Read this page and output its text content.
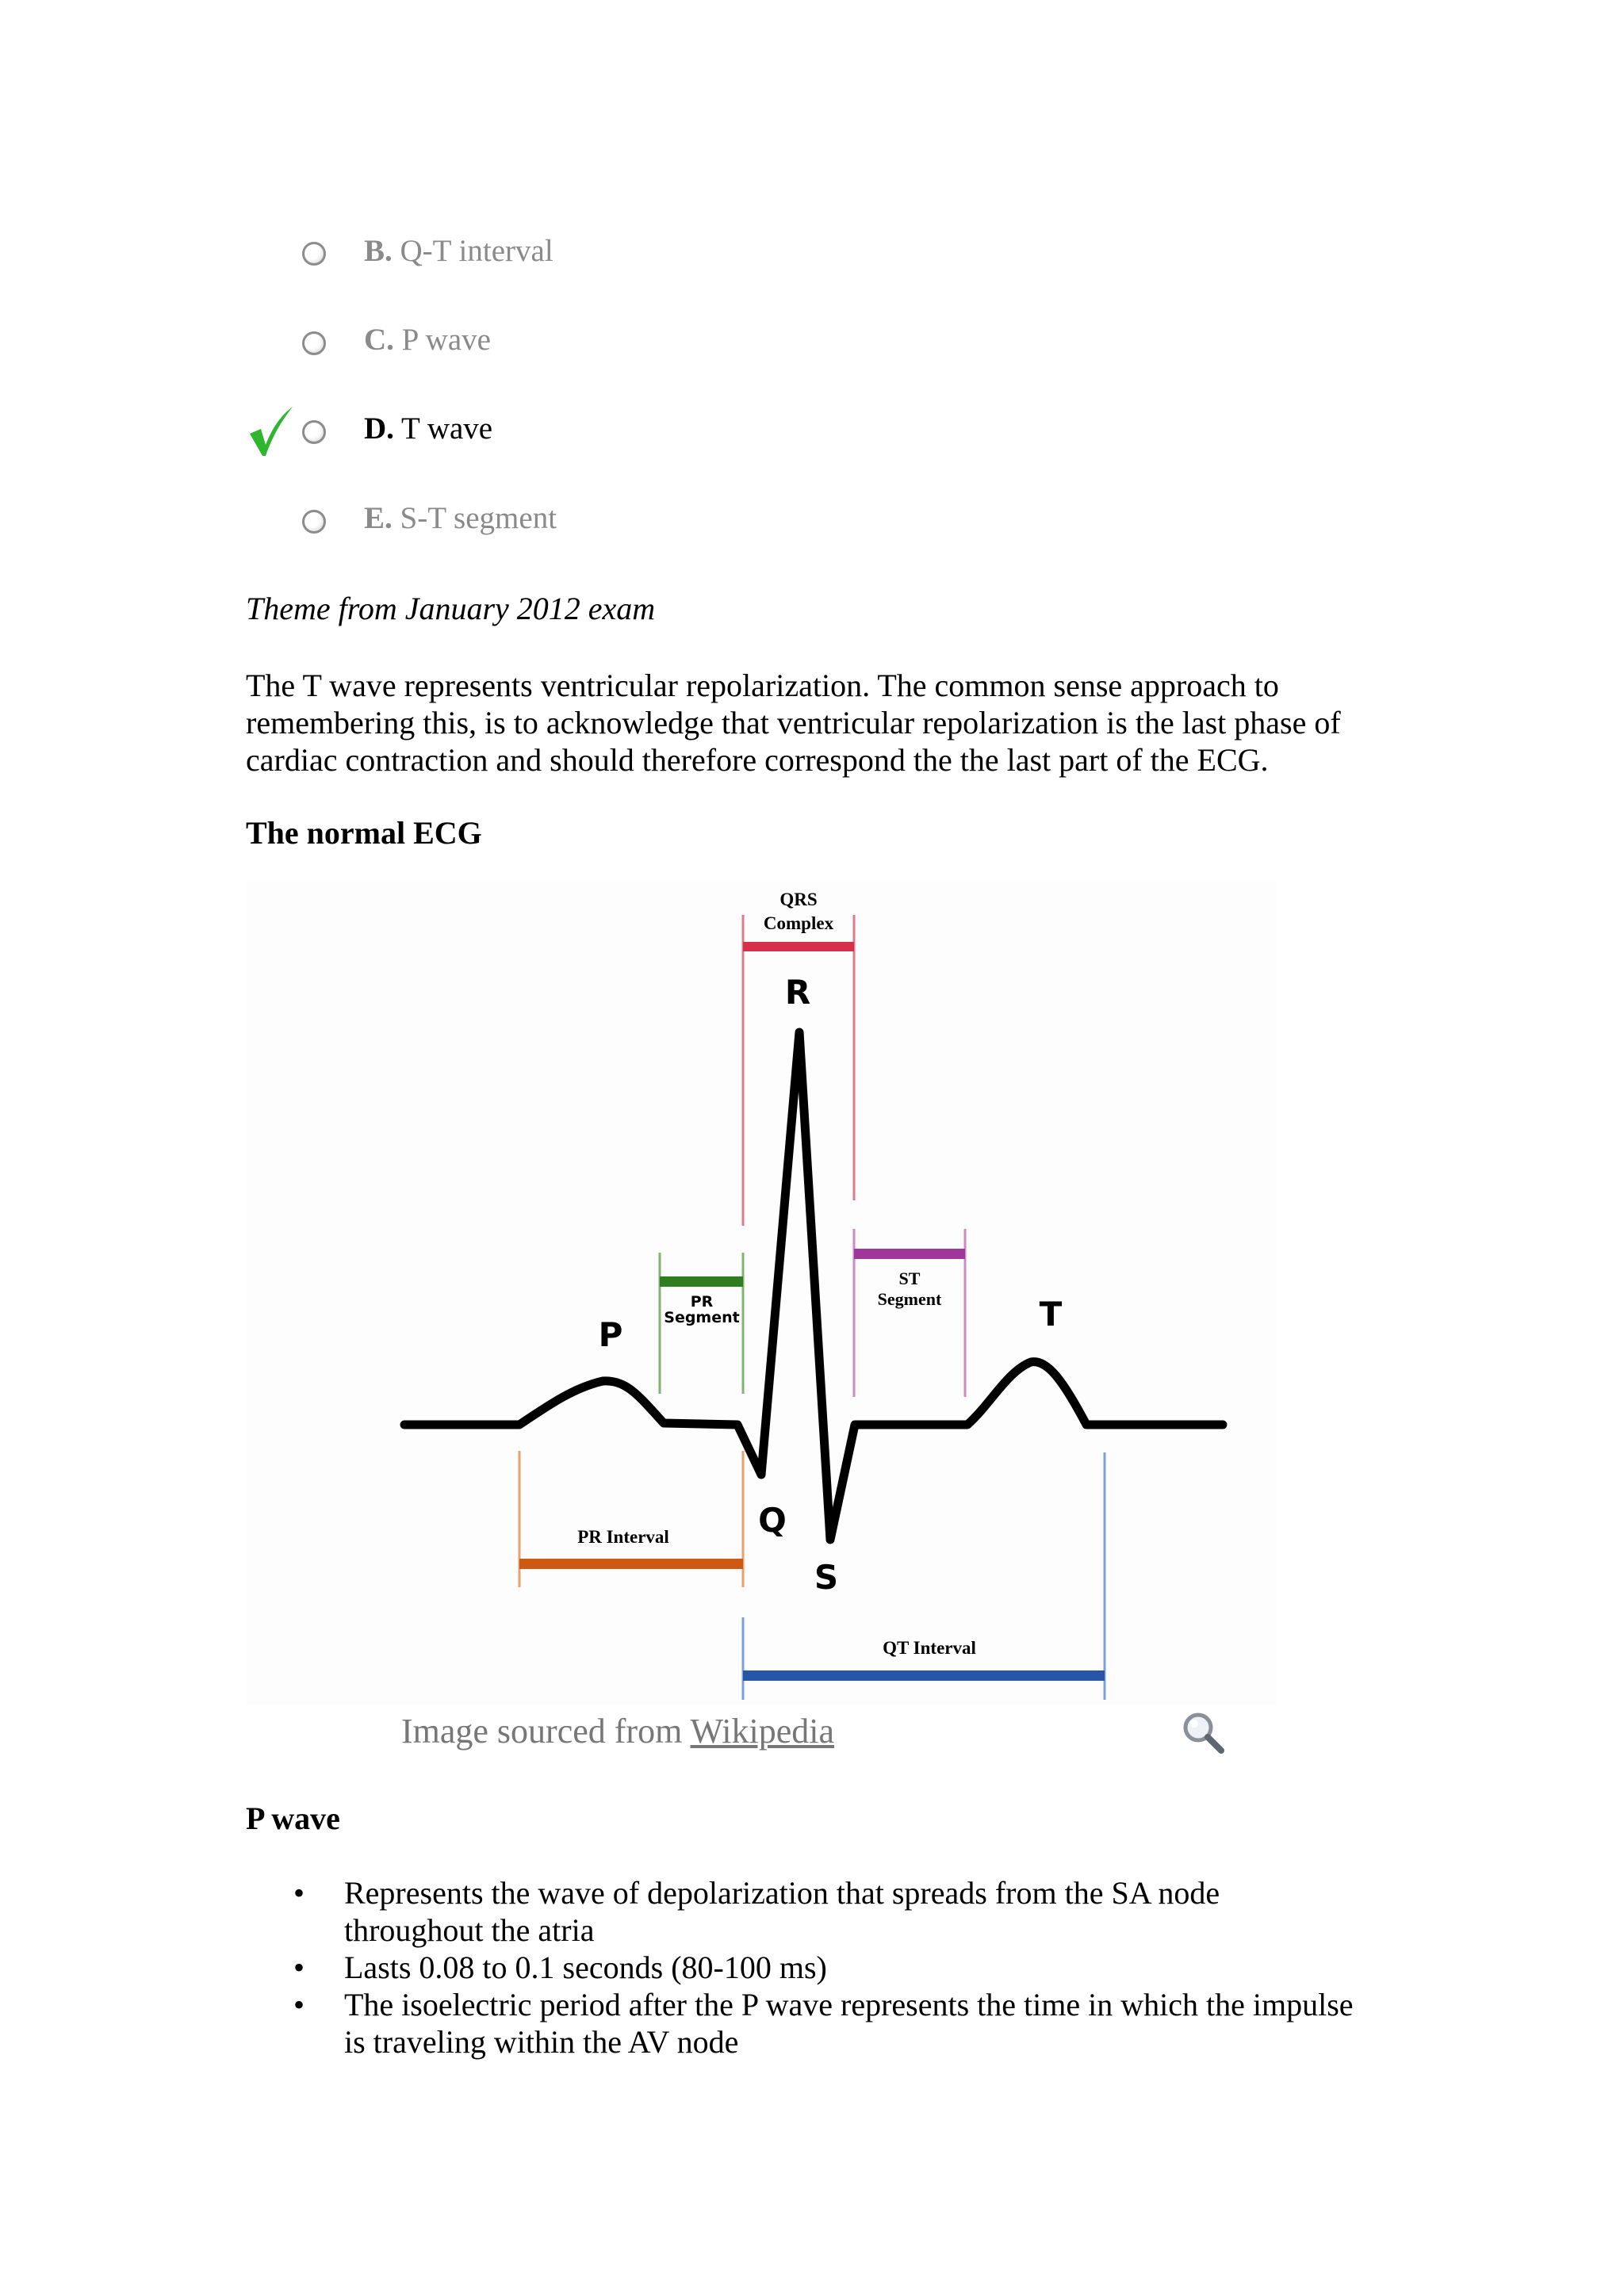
B. Q-T interval
C. P wave
D. T wave
E. S-T segment
Theme from January 2012 exam
The T wave represents ventricular repolarization. The common sense approach to remembering this, is to acknowledge that ventricular repolarization is the last phase of cardiac contraction and should therefore correspond the the last part of the ECG.
The normal ECG
QRS
Complex
PR
Segment
ST
Segment
PR Interval
QT Interval
P
R
Q
S
T
Image sourced from Wikipedia
P wave
• Represents the wave of depolarization that spreads from the SA node throughout the atria
• Lasts 0.08 to 0.1 seconds (80-100 ms)
• The isoelectric period after the P wave represents the time in which the impulse is traveling within the AV node
